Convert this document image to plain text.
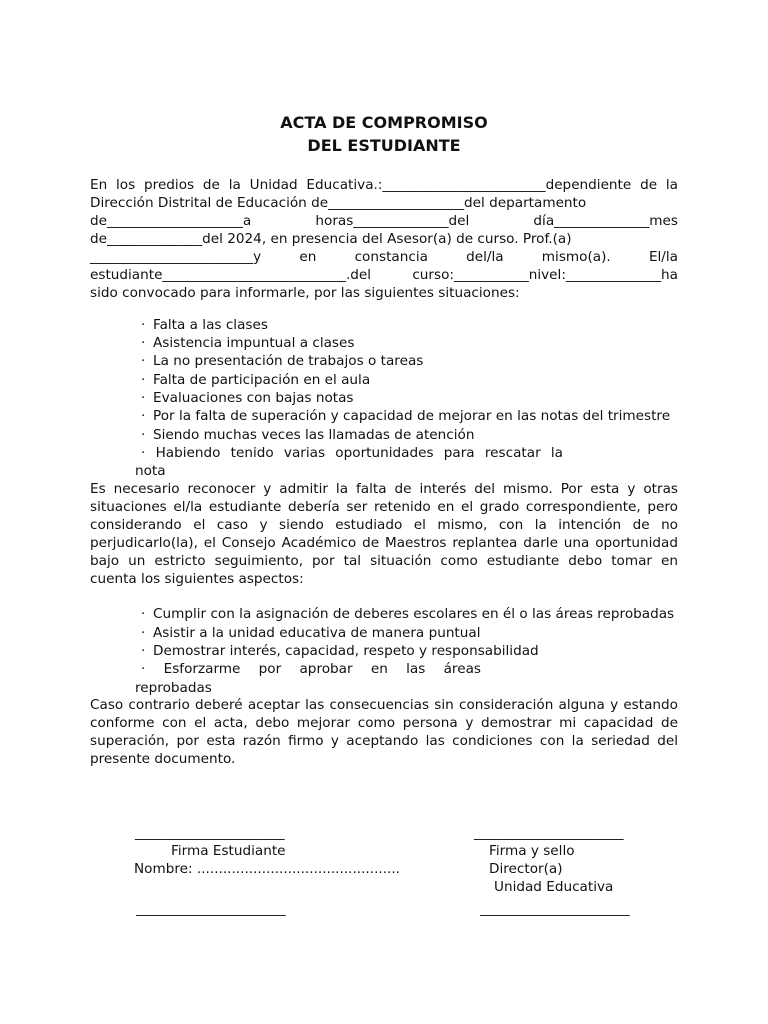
ACTA DE COMPROMISO
DEL ESTUDIANTE
En los predios de la Unidad Educativa.:________________________dependiente de la
Dirección Distrital de Educación de____________________del departamento
de____________________a horas______________del día______________mes
de______________del 2024, en presencia del Asesor(a) de curso. Prof.(a)
________________________y en constancia del/la mismo(a). El/la
estudiante___________________________.del curso:___________nivel:______________ha
sido convocado para informarle, por las siguientes situaciones:
· Falta a las clases
· Asistencia impuntual a clases
· La no presentación de trabajos o tareas
· Falta de participación en el aula
· Evaluaciones con bajas notas
· Por la falta de superación y capacidad de mejorar en las notas del trimestre
· Siendo muchas veces las llamadas de atención
· Habiendo tenido varias oportunidades para rescatar la
nota
Es necesario reconocer y admitir la falta de interés del mismo. Por esta y otras
situaciones el/la estudiante debería ser retenido en el grado correspondiente, pero
considerando el caso y siendo estudiado el mismo, con la intención de no
perjudicarlo(la), el Consejo Académico de Maestros replantea darle una oportunidad
bajo un estricto seguimiento, por tal situación como estudiante debo tomar en
cuenta los siguientes aspectos:
· Cumplir con la asignación de deberes escolares en él o las áreas reprobadas
· Asistir a la unidad educativa de manera puntual
· Demostrar interés, capacidad, respeto y responsabilidad
· Esforzarme por aprobar en las áreas
reprobadas
Caso contrario deberé aceptar las consecuencias sin consideración alguna y estando
conforme con el acta, debo mejorar como persona y demostrar mi capacidad de
superación, por esta razón firmo y aceptando las condiciones con la seriedad del
presente documento.
______________________
Firma Estudiante
Nombre: ...............................................
______________________
______________________
Firma y sello
Director(a)
Unidad Educativa
______________________
